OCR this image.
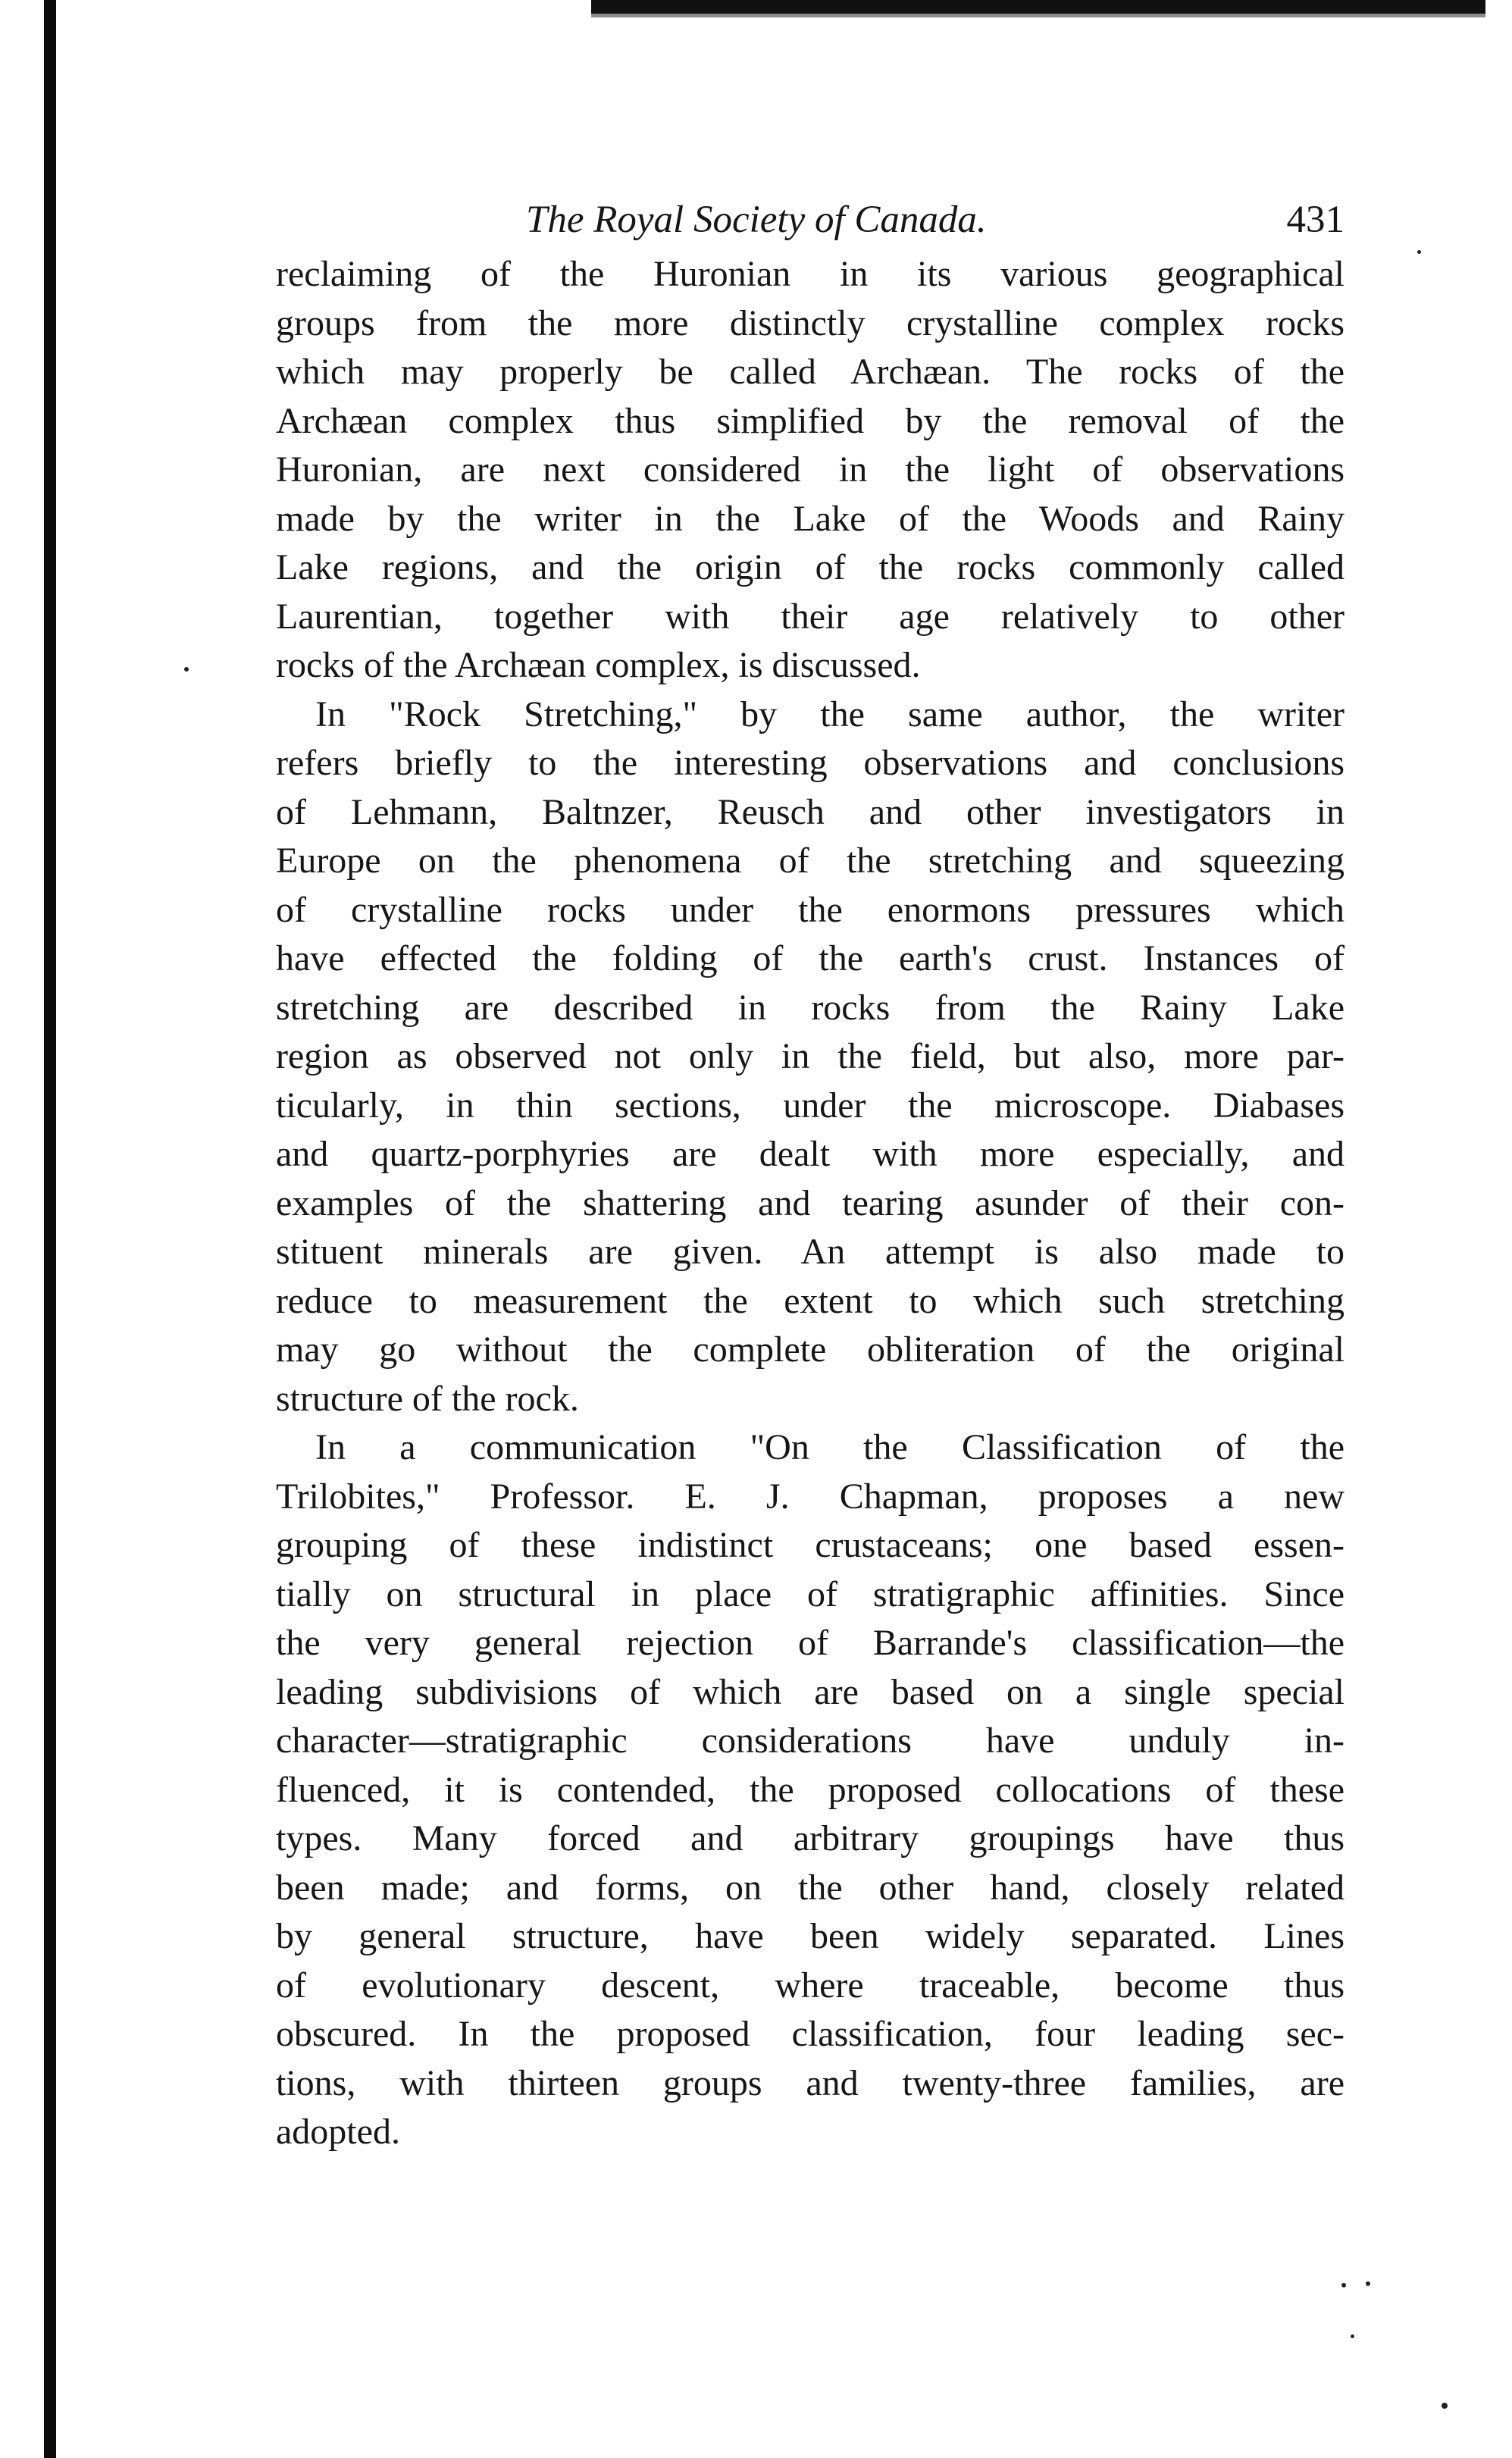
The Royal Society of Canada.	431
reclaiming of the Huronian in its various geographical
groups from the more distinctly crystalline complex rocks
which may properly be called Archæan. The rocks of the
Archæan complex thus simplified by the removal of the
Huronian, are next considered in the light of observations
made by the writer in the Lake of the Woods and Rainy
Lake regions, and the origin of the rocks commonly called
Laurentian, together with their age relatively to other
rocks of the Archæan complex, is discussed.
In "Rock Stretching," by the same author, the writer
refers briefly to the interesting observations and conclusions
of Lehmann, Baltnzer, Reusch and other investigators in
Europe on the phenomena of the stretching and squeezing
of crystalline rocks under the enormons pressures which
have effected the folding of the earth's crust. Instances of
stretching are described in rocks from the Rainy Lake
region as observed not only in the field, but also, more par-
ticularly, in thin sections, under the microscope. Diabases
and quartz-porphyries are dealt with more especially, and
examples of the shattering and tearing asunder of their con-
stituent minerals are given. An attempt is also made to
reduce to measurement the extent to which such stretching
may go without the complete obliteration of the original
structure of the rock.
In a communication "On the Classification of the
Trilobites," Professor. E. J. Chapman, proposes a new
grouping of these indistinct crustaceans; one based essen-
tially on structural in place of stratigraphic affinities. Since
the very general rejection of Barrande's classification—the
leading subdivisions of which are based on a single special
character—stratigraphic considerations have unduly in-
fluenced, it is contended, the proposed collocations of these
types. Many forced and arbitrary groupings have thus
been made; and forms, on the other hand, closely related
by general structure, have been widely separated. Lines
of evolutionary descent, where traceable, become thus
obscured. In the proposed classification, four leading sec-
tions, with thirteen groups and twenty-three families, are
adopted.
